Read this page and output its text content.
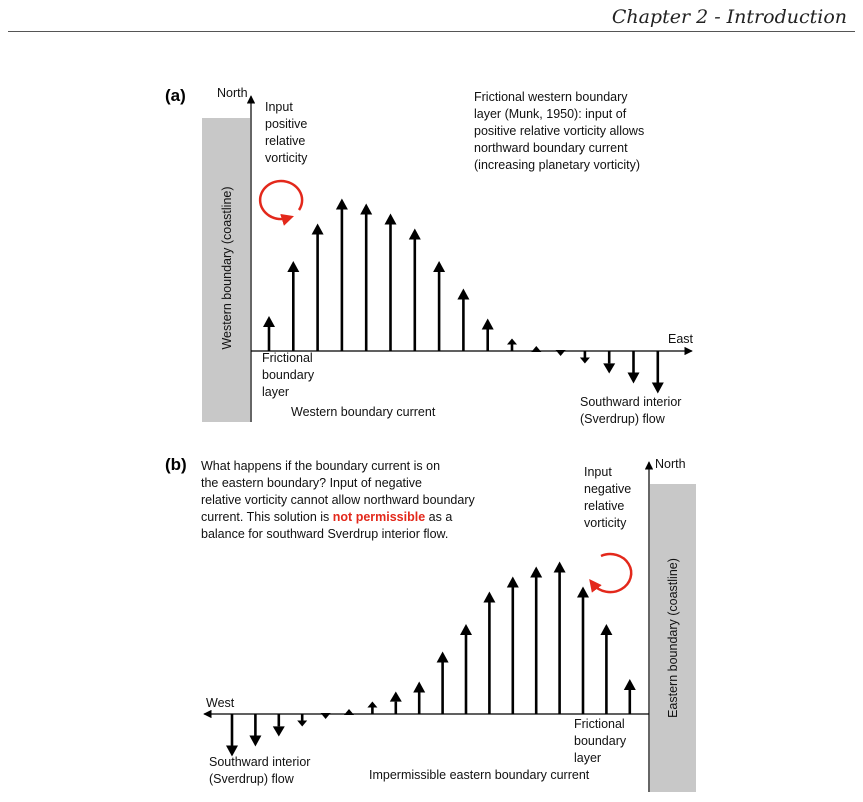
Chapter 2 - Introduction
(a)
Western boundary (coastline)
North
East
Input
positive
relative
vorticity
Frictional western boundary
layer (Munk, 1950): input of
positive relative vorticity allows
northward boundary current
(increasing planetary vorticity)
Frictional
boundary
layer
Western boundary current
Southward interior
(Sverdrup) flow
(b) What happens if the boundary current is on
the eastern boundary? Input of negative
relative vorticity cannot allow northward boundary
current. This solution is not permissible as a
balance for southward Sverdrup interior flow.
Eastern boundary (coastline)
North
West
Input
negative
relative
vorticity
Frictional
boundary
layer
Impermissible eastern boundary current
Southward interior
(Sverdrup) flow
